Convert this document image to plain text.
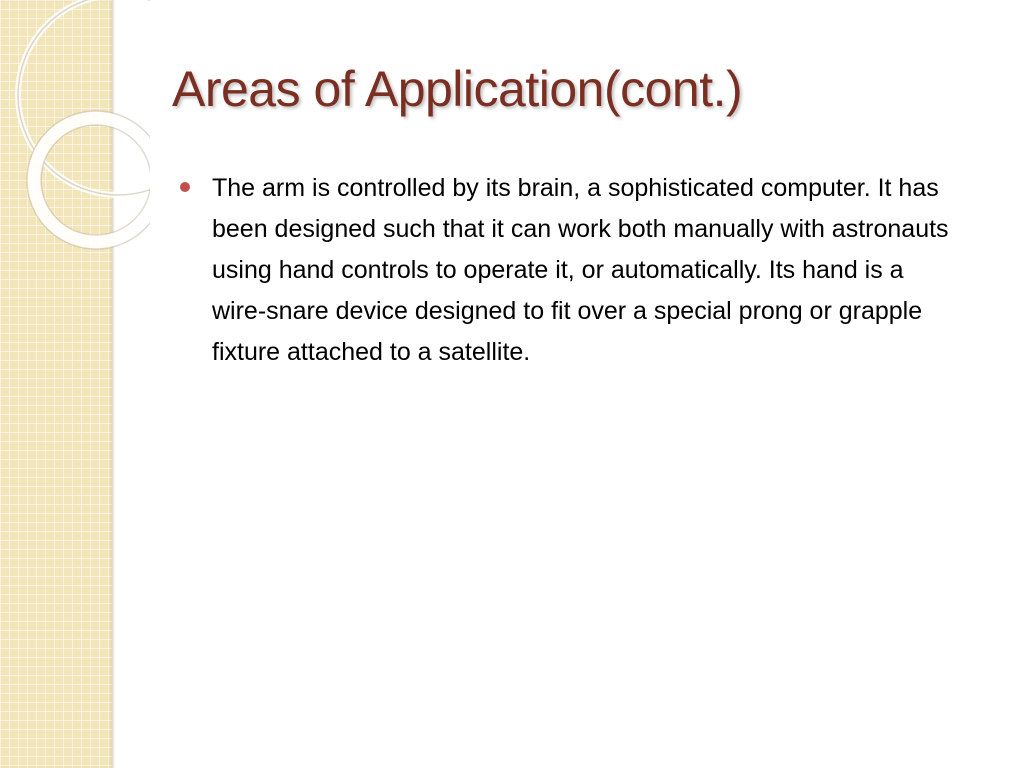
Areas of Application(cont.)
The arm is controlled by its brain, a sophisticated computer. It has been designed such that it can work both manually with astronauts using hand controls to operate it, or automatically. Its hand is a wire-snare device designed to fit over a special prong or grapple fixture attached to a satellite.
